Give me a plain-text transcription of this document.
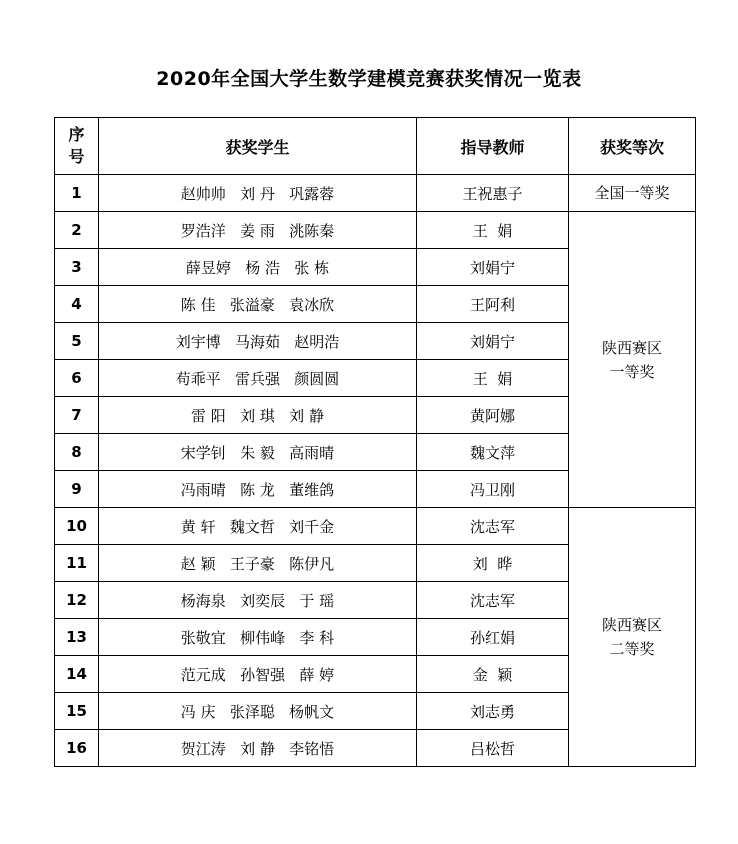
2020年全国大学生数学建模竞赛获奖情况一览表
序
号	获奖学生	指导教师	获奖等次
1	赵帅帅   刘 丹   巩露蓉	王祝惠子	全国一等奖
2	罗浩洋   姜 雨   洮陈秦	王  娟	陕西赛区
一等奖

3	薛昱婷   杨 浩   张 栋	刘娟宁	
4	陈 佳   张溢豪   袁冰欣	王阿利	
5	刘宇博   马海茹   赵明浩	刘娟宁	
6	苟乖平   雷兵强   颜圆圆	王  娟	
7	雷 阳   刘 琪   刘 静	黄阿娜	
8	宋学钊   朱 毅   高雨晴	魏文萍	
9	冯雨晴   陈 龙   董维鸽	冯卫刚	
10	黄 轩   魏文哲   刘千金	沈志军	陕西赛区
二等奖

11	赵 颖   王子豪   陈伊凡	刘  晔	
12	杨海泉   刘奕辰   于 瑶	沈志军	
13	张敬宜   柳伟峰   李 科	孙红娟	
14	范元成   孙智强   薛 婷	金  颖	
15	冯 庆   张泽聪   杨帆文	刘志勇	
16	贺江涛   刘 静   李铭悟	吕松哲	
